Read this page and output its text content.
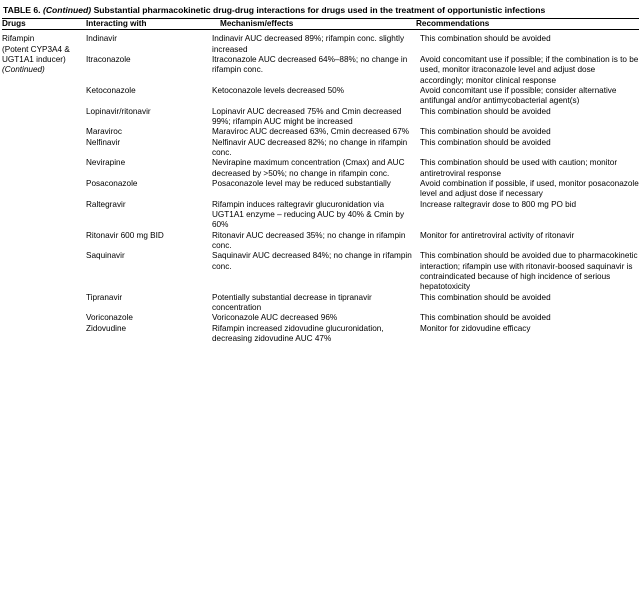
TABLE 6. (Continued) Substantial pharmacokinetic drug-drug interactions for drugs used in the treatment of opportunistic infections

Drugs	Interacting with	Mechanism/effects	Recommendations

Rifampin
(Potent CYP3A4 & UGT1A1 inducer)
(Continued)	Indinavir	Indinavir AUC decreased 89%; rifampin conc. slightly increased	This combination should be avoided
	Itraconazole	Itraconazole AUC decreased 64%–88%; no change in rifampin conc.	Avoid concomitant use if possible; if the combination is to be used, monitor itraconazole level and adjust dose accordingly; monitor clinical response
	Ketoconazole	Ketoconazole levels decreased 50%	Avoid concomitant use if possible; consider alternative antifungal and/or antimycobacterial agent(s)
	Lopinavir/ritonavir	Lopinavir AUC decreased 75% and Cmin decreased 99%; rifampin AUC might be increased	This combination should be avoided
	Maraviroc	Maraviroc AUC decreased 63%, Cmin decreased 67%	This combination should be avoided
	Nelfinavir	Nelfinavir AUC decreased 82%; no change in rifampin conc.	This combination should be avoided
	Nevirapine	Nevirapine maximum concentration (Cmax) and AUC decreased by >50%; no change in rifampin conc.	This combination should be used with caution; monitor antiretroviral response
	Posaconazole	Posaconazole level may be reduced substantially	Avoid combination if possible, if used, monitor posaconazole level and adjust dose if necessary
	Raltegravir	Rifampin induces raltegravir glucuronidation via UGT1A1 enzyme – reducing AUC by 40% & Cmin by 60%	Increase raltegravir dose to 800 mg PO bid
	Ritonavir 600 mg BID	Ritonavir AUC decreased 35%; no change in rifampin conc.	Monitor for antiretroviral activity of ritonavir
	Saquinavir	Saquinavir AUC decreased 84%; no change in rifampin conc.	This combination should be avoided due to pharmacokinetic interaction; rifampin use with ritonavir-boosed saquinavir is contraindicated because of high incidence of serious hepatotoxicity
	Tipranavir	Potentially substantial decrease in tipranavir concentration	This combination should be avoided
	Voriconazole	Voriconazole AUC decreased 96%	This combination should be avoided
	Zidovudine	Rifampin increased zidovudine glucuronidation, decreasing zidovudine AUC 47%	Monitor for zidovudine efficacy
